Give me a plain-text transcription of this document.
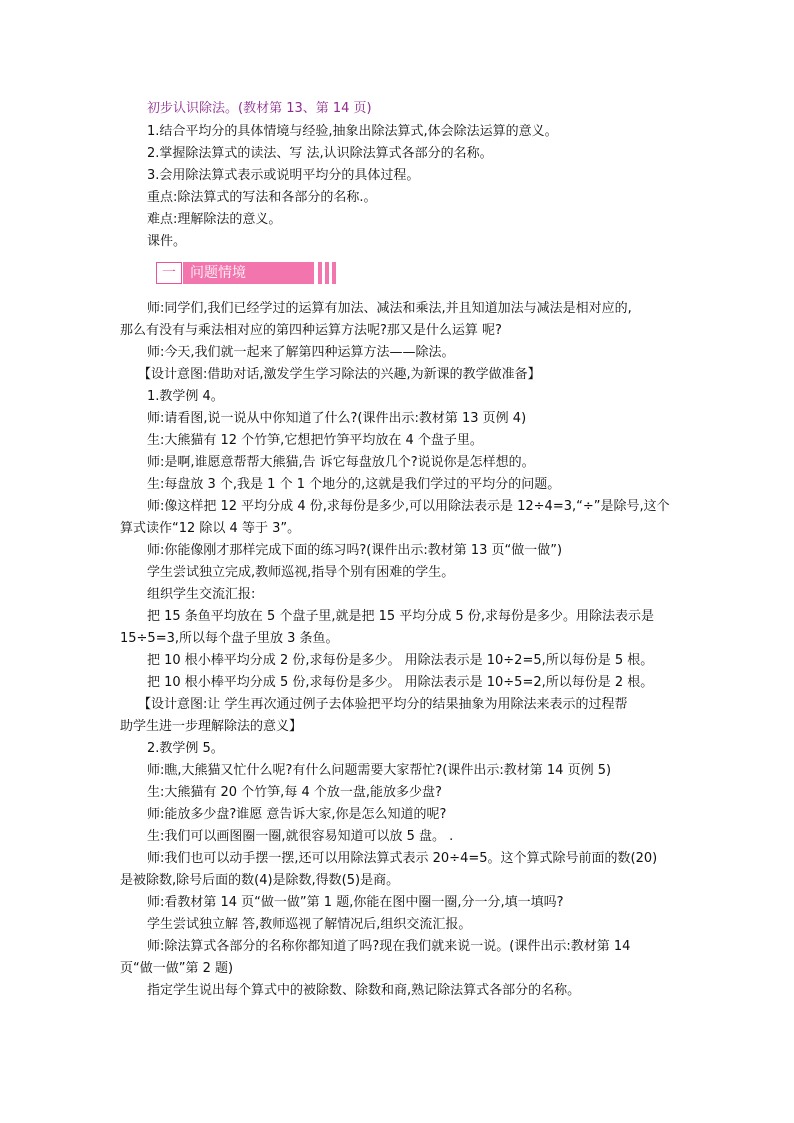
初步认识除法。(教材第 13、第 14 页)
1.结合平均分的具体情境与经验,抽象出除法算式,体会除法运算的意义。
2.掌握除法算式的读法、写 法,认识除法算式各部分的名称。
3.会用除法算式表示或说明平均分的具体过程。
重点:除法算式的写法和各部分的名称.。
难点:理解除法的意义。
课件。
一	问题情境
师:同学们,我们已经学过的运算有加法、减法和乘法,并且知道加法与减法是相对应的,
那么有没有与乘法相对应的第四种运算方法呢?那又是什么运算 呢?
师:今天,我们就一起来了解第四种运算方法——除法。
【设计意图:借助对话,激发学生学习除法的兴趣,为新课的教学做准备】
1.教学例 4。
师:请看图,说一说从中你知道了什么?(课件出示:教材第 13 页例 4)
生:大熊猫有 12 个竹笋,它想把竹笋平均放在 4 个盘子里。
师:是啊,谁愿意帮帮大熊猫,告 诉它每盘放几个?说说你是怎样想的。
生:每盘放 3 个,我是 1 个 1 个地分的,这就是我们学过的平均分的问题。
师:像这样把 12 平均分成 4 份,求每份是多少,可以用除法表示是 12÷4=3,“÷”是除号,这个
算式读作“12 除以 4 等于 3”。
师:你能像刚才那样完成下面的练习吗?(课件出示:教材第 13 页“做一做”)
学生尝试独立完成,教师巡视,指导个别有困难的学生。
组织学生交流汇报:
把 15 条鱼平均放在 5 个盘子里,就是把 15 平均分成 5 份,求每份是多少。用除法表示是
15÷5=3,所以每个盘子里放 3 条鱼。
把 10 根小棒平均分成 2 份,求每份是多少。 用除法表示是 10÷2=5,所以每份是 5 根。
把 10 根小棒平均分成 5 份,求每份是多少。 用除法表示是 10÷5=2,所以每份是 2 根。
【设计意图:让 学生再次通过例子去体验把平均分的结果抽象为用除法来表示的过程帮
助学生进一步理解除法的意义】
2.教学例 5。
师:瞧,大熊猫又忙什么呢?有什么问题需要大家帮忙?(课件出示:教材第 14 页例 5)
生:大熊猫有 20 个竹笋,每 4 个放一盘,能放多少盘?
师:能放多少盘?谁愿 意告诉大家,你是怎么知道的呢?
生:我们可以画图圈一圈,就很容易知道可以放 5 盘。 .
师:我们也可以动手摆一摆,还可以用除法算式表示 20÷4=5。这个算式除号前面的数(20)
是被除数,除号后面的数(4)是除数,得数(5)是商。
师:看教材第 14 页“做一做”第 1 题,你能在图中圈一圈,分一分,填一填吗?
学生尝试独立解 答,教师巡视了解情况后,组织交流汇报。
师:除法算式各部分的名称你都知道了吗?现在我们就来说一说。(课件出示:教材第 14
页“做一做”第 2 题)
指定学生说出每个算式中的被除数、除数和商,熟记除法算式各部分的名称。
